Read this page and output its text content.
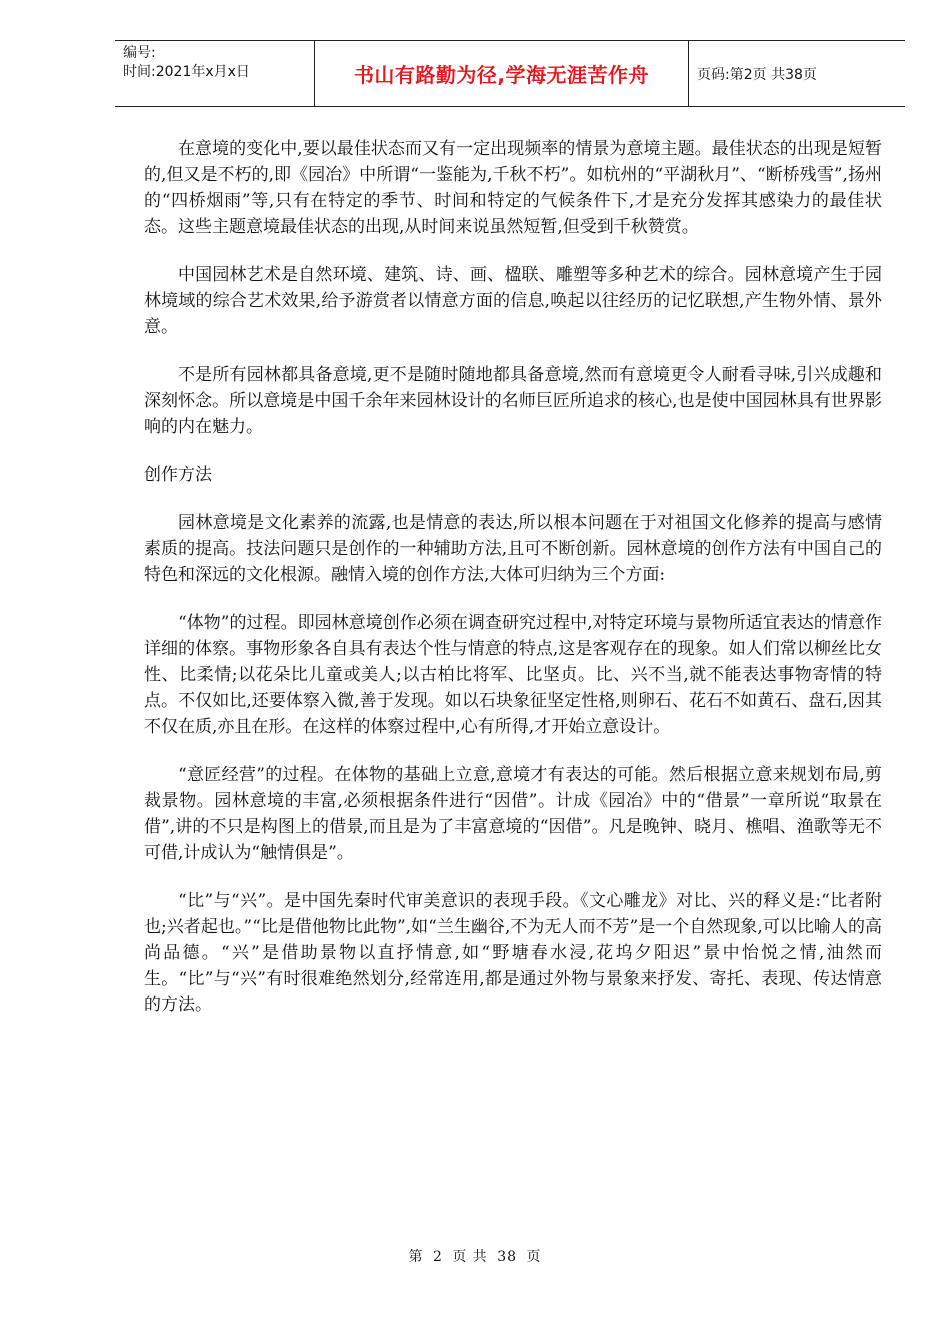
编号:
时间:2021年x月x日	书山有路勤为径,学海无涯苦作舟	页码:第2页 共38页

在意境的变化中,要以最佳状态而又有一定出现频率的情景为意境主题。最佳状态的出现是短暂的,但又是不朽的,即《园冶》中所谓“一鉴能为,千秋不朽”。如杭州的“平湖秋月”、“断桥残雪”,扬州的“四桥烟雨”等,只有在特定的季节、时间和特定的气候条件下,才是充分发挥其感染力的最佳状态。这些主题意境最佳状态的出现,从时间来说虽然短暂,但受到千秋赞赏。

中国园林艺术是自然环境、建筑、诗、画、楹联、雕塑等多种艺术的综合。园林意境产生于园林境域的综合艺术效果,给予游赏者以情意方面的信息,唤起以往经历的记忆联想,产生物外情、景外意。

不是所有园林都具备意境,更不是随时随地都具备意境,然而有意境更令人耐看寻味,引兴成趣和深刻怀念。所以意境是中国千余年来园林设计的名师巨匠所追求的核心,也是使中国园林具有世界影响的内在魅力。

创作方法

园林意境是文化素养的流露,也是情意的表达,所以根本问题在于对祖国文化修养的提高与感情素质的提高。技法问题只是创作的一种辅助方法,且可不断创新。园林意境的创作方法有中国自己的特色和深远的文化根源。融情入境的创作方法,大体可归纳为三个方面:

“体物”的过程。即园林意境创作必须在调查研究过程中,对特定环境与景物所适宜表达的情意作详细的体察。事物形象各自具有表达个性与情意的特点,这是客观存在的现象。如人们常以柳丝比女性、比柔情;以花朵比儿童或美人;以古柏比将军、比坚贞。比、兴不当,就不能表达事物寄情的特点。不仅如比,还要体察入微,善于发现。如以石块象征坚定性格,则卵石、花石不如黄石、盘石,因其不仅在质,亦且在形。在这样的体察过程中,心有所得,才开始立意设计。

“意匠经营”的过程。在体物的基础上立意,意境才有表达的可能。然后根据立意来规划布局,剪裁景物。园林意境的丰富,必须根据条件进行“因借”。计成《园冶》中的“借景”一章所说“取景在借”,讲的不只是构图上的借景,而且是为了丰富意境的“因借”。凡是晚钟、晓月、樵唱、渔歌等无不可借,计成认为“触情俱是”。

“比”与“兴”。是中国先秦时代审美意识的表现手段。《文心雕龙》对比、兴的释义是:“比者附也;兴者起也。”“比是借他物比此物”,如“兰生幽谷,不为无人而不芳”是一个自然现象,可以比喻人的高尚品德。“兴”是借助景物以直抒情意,如“野塘春水浸,花坞夕阳迟”景中怡悦之情,油然而生。“比”与“兴”有时很难绝然划分,经常连用,都是通过外物与景象来抒发、寄托、表现、传达情意的方法。

第 2 页 共 38 页
